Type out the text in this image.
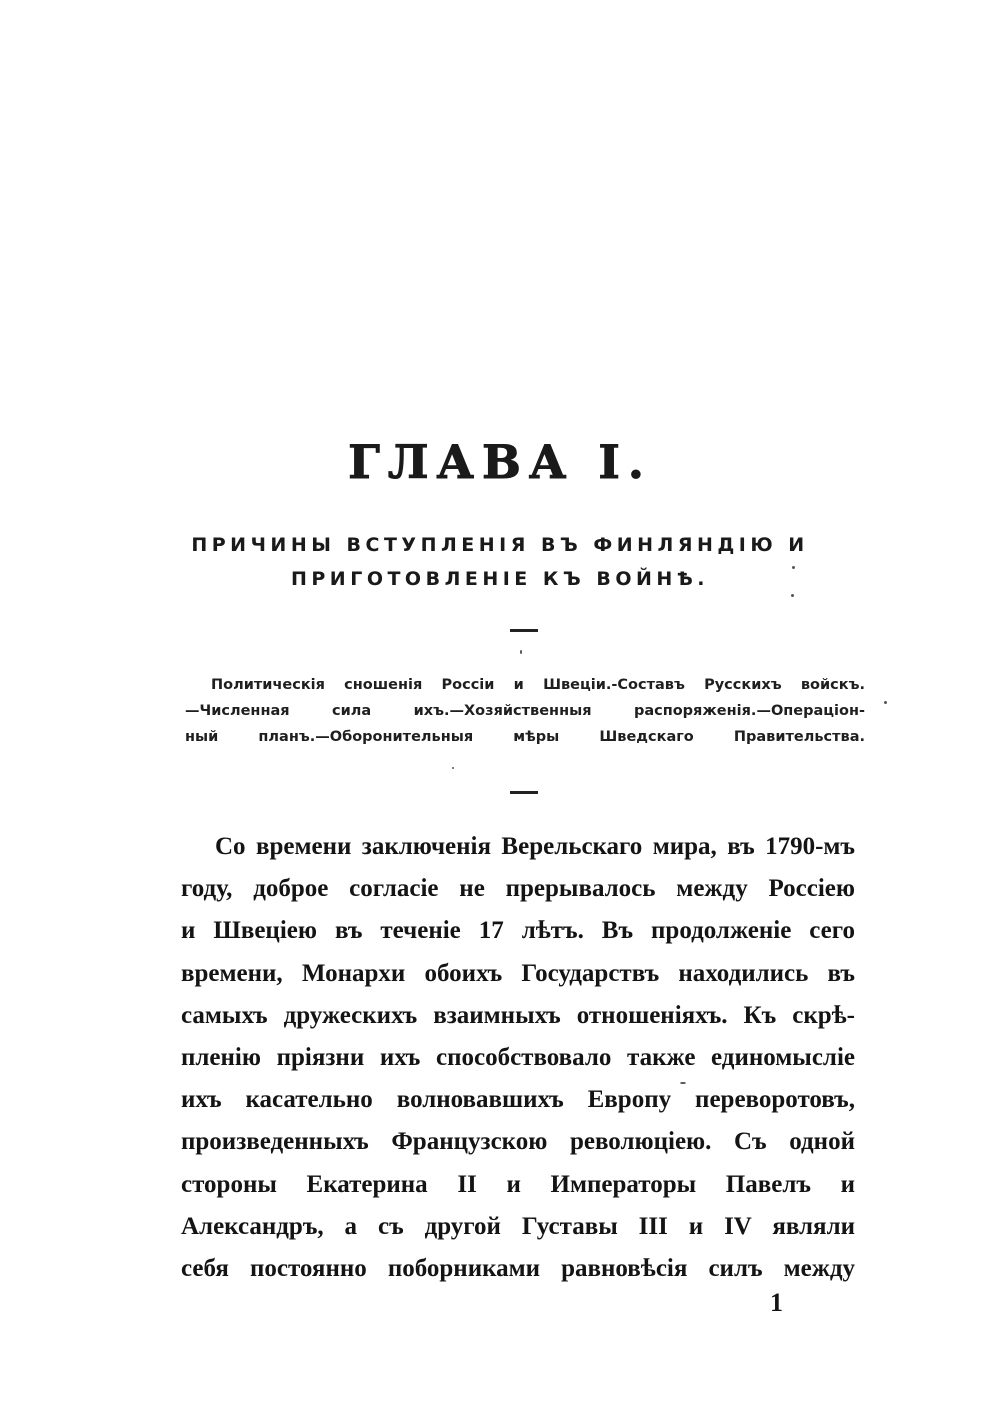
ГЛАВА I.
ПРИЧИНЫ ВСТУПЛЕНІЯ ВЪ ФИНЛЯНДІЮ И
ПРИГОТОВЛЕНІЕ КЪ ВОЙНѢ.
Политическія сношенія Россіи и Швеціи.-Составъ Русскихъ войскъ.
—Численная сила ихъ.—Хозяйственныя распоряженія.—Операціон-
ный планъ.—Оборонительныя мѣры Шведскаго Правительства.
Со времени заключенія Верельскаго мира, въ 1790-мъ
году, доброе согласіе не прерывалось между Россіею
и Швеціею въ теченіе 17 лѣтъ. Въ продолженіе сего
времени, Монархи обоихъ Государствъ находились въ
самыхъ дружескихъ взаимныхъ отношеніяхъ. Къ скрѣ-
пленію пріязни ихъ способствовало также единомысліе
ихъ касательно волновавшихъ Европу переворотовъ,
произведенныхъ Французскою революціею. Съ одной
стороны Екатерина II и Императоры Павелъ и
Александръ, а съ другой Густавы III и IV являли
себя постоянно поборниками равновѣсія силъ между
1
